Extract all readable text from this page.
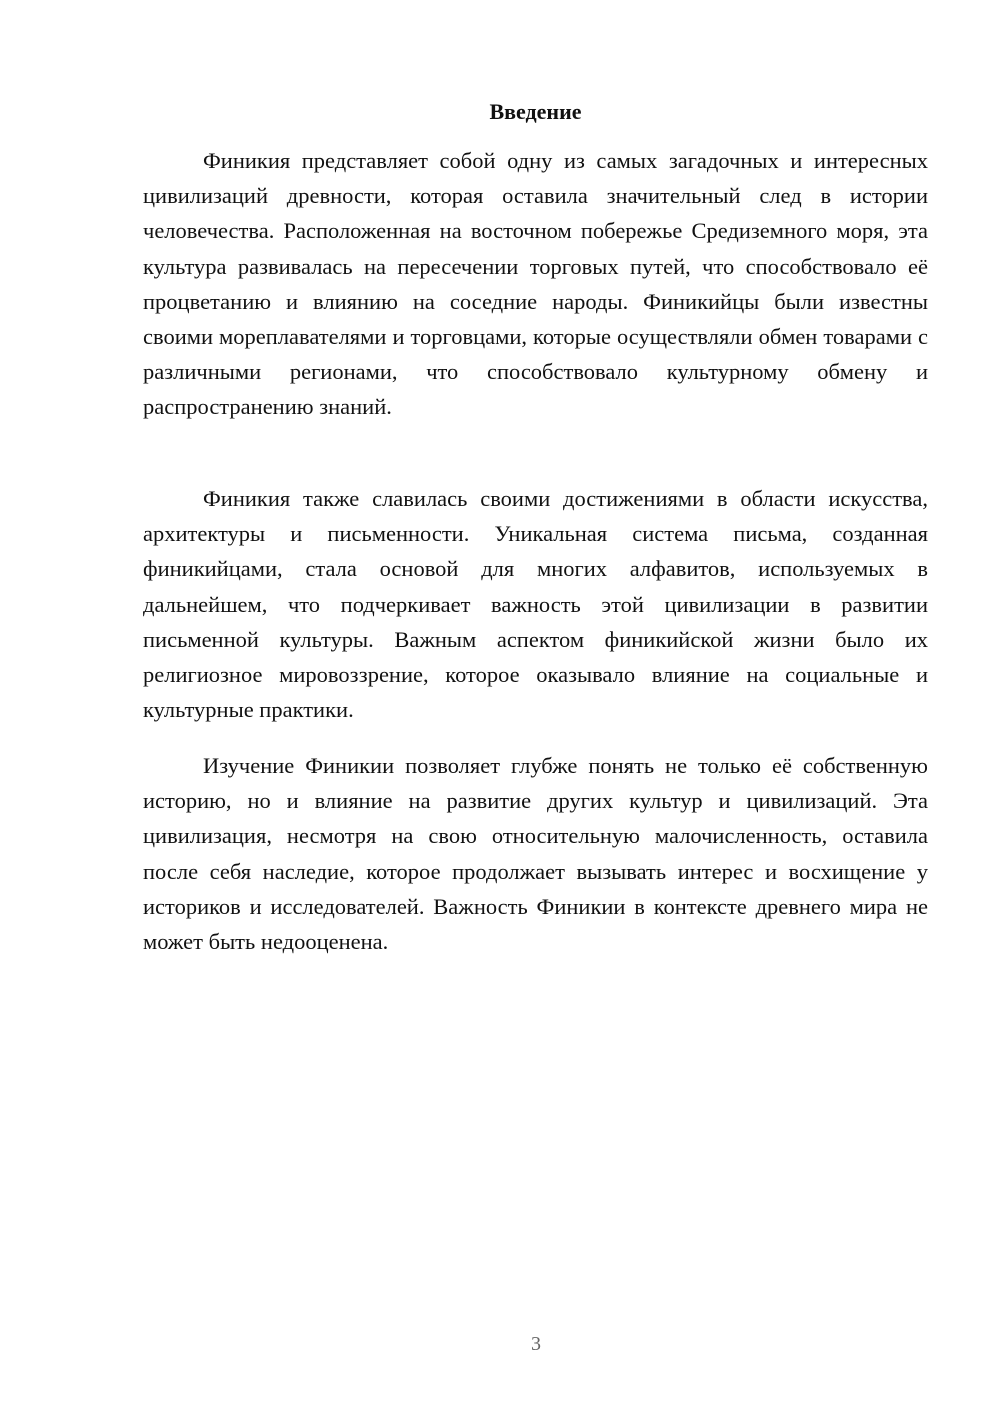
Введение

Финикия представляет собой одну из самых загадочных и интересных цивилизаций древности, которая оставила значительный след в истории человечества. Расположенная на восточном побережье Средиземного моря, эта культура развивалась на пересечении торговых путей, что способствовало её процветанию и влиянию на соседние народы. Финикийцы были известны своими мореплавателями и торговцами, которые осуществляли обмен товарами с различными регионами, что способствовало культурному обмену и распространению знаний.

Финикия также славилась своими достижениями в области искусства, архитектуры и письменности. Уникальная система письма, созданная финикийцами, стала основой для многих алфавитов, используемых в дальнейшем, что подчеркивает важность этой цивилизации в развитии письменной культуры. Важным аспектом финикийской жизни было их религиозное мировоззрение, которое оказывало влияние на социальные и культурные практики.

Изучение Финикии позволяет глубже понять не только её собственную историю, но и влияние на развитие других культур и цивилизаций. Эта цивилизация, несмотря на свою относительную малочисленность, оставила после себя наследие, которое продолжает вызывать интерес и восхищение у историков и исследователей. Важность Финикии в контексте древнего мира не может быть недооценена.

3
